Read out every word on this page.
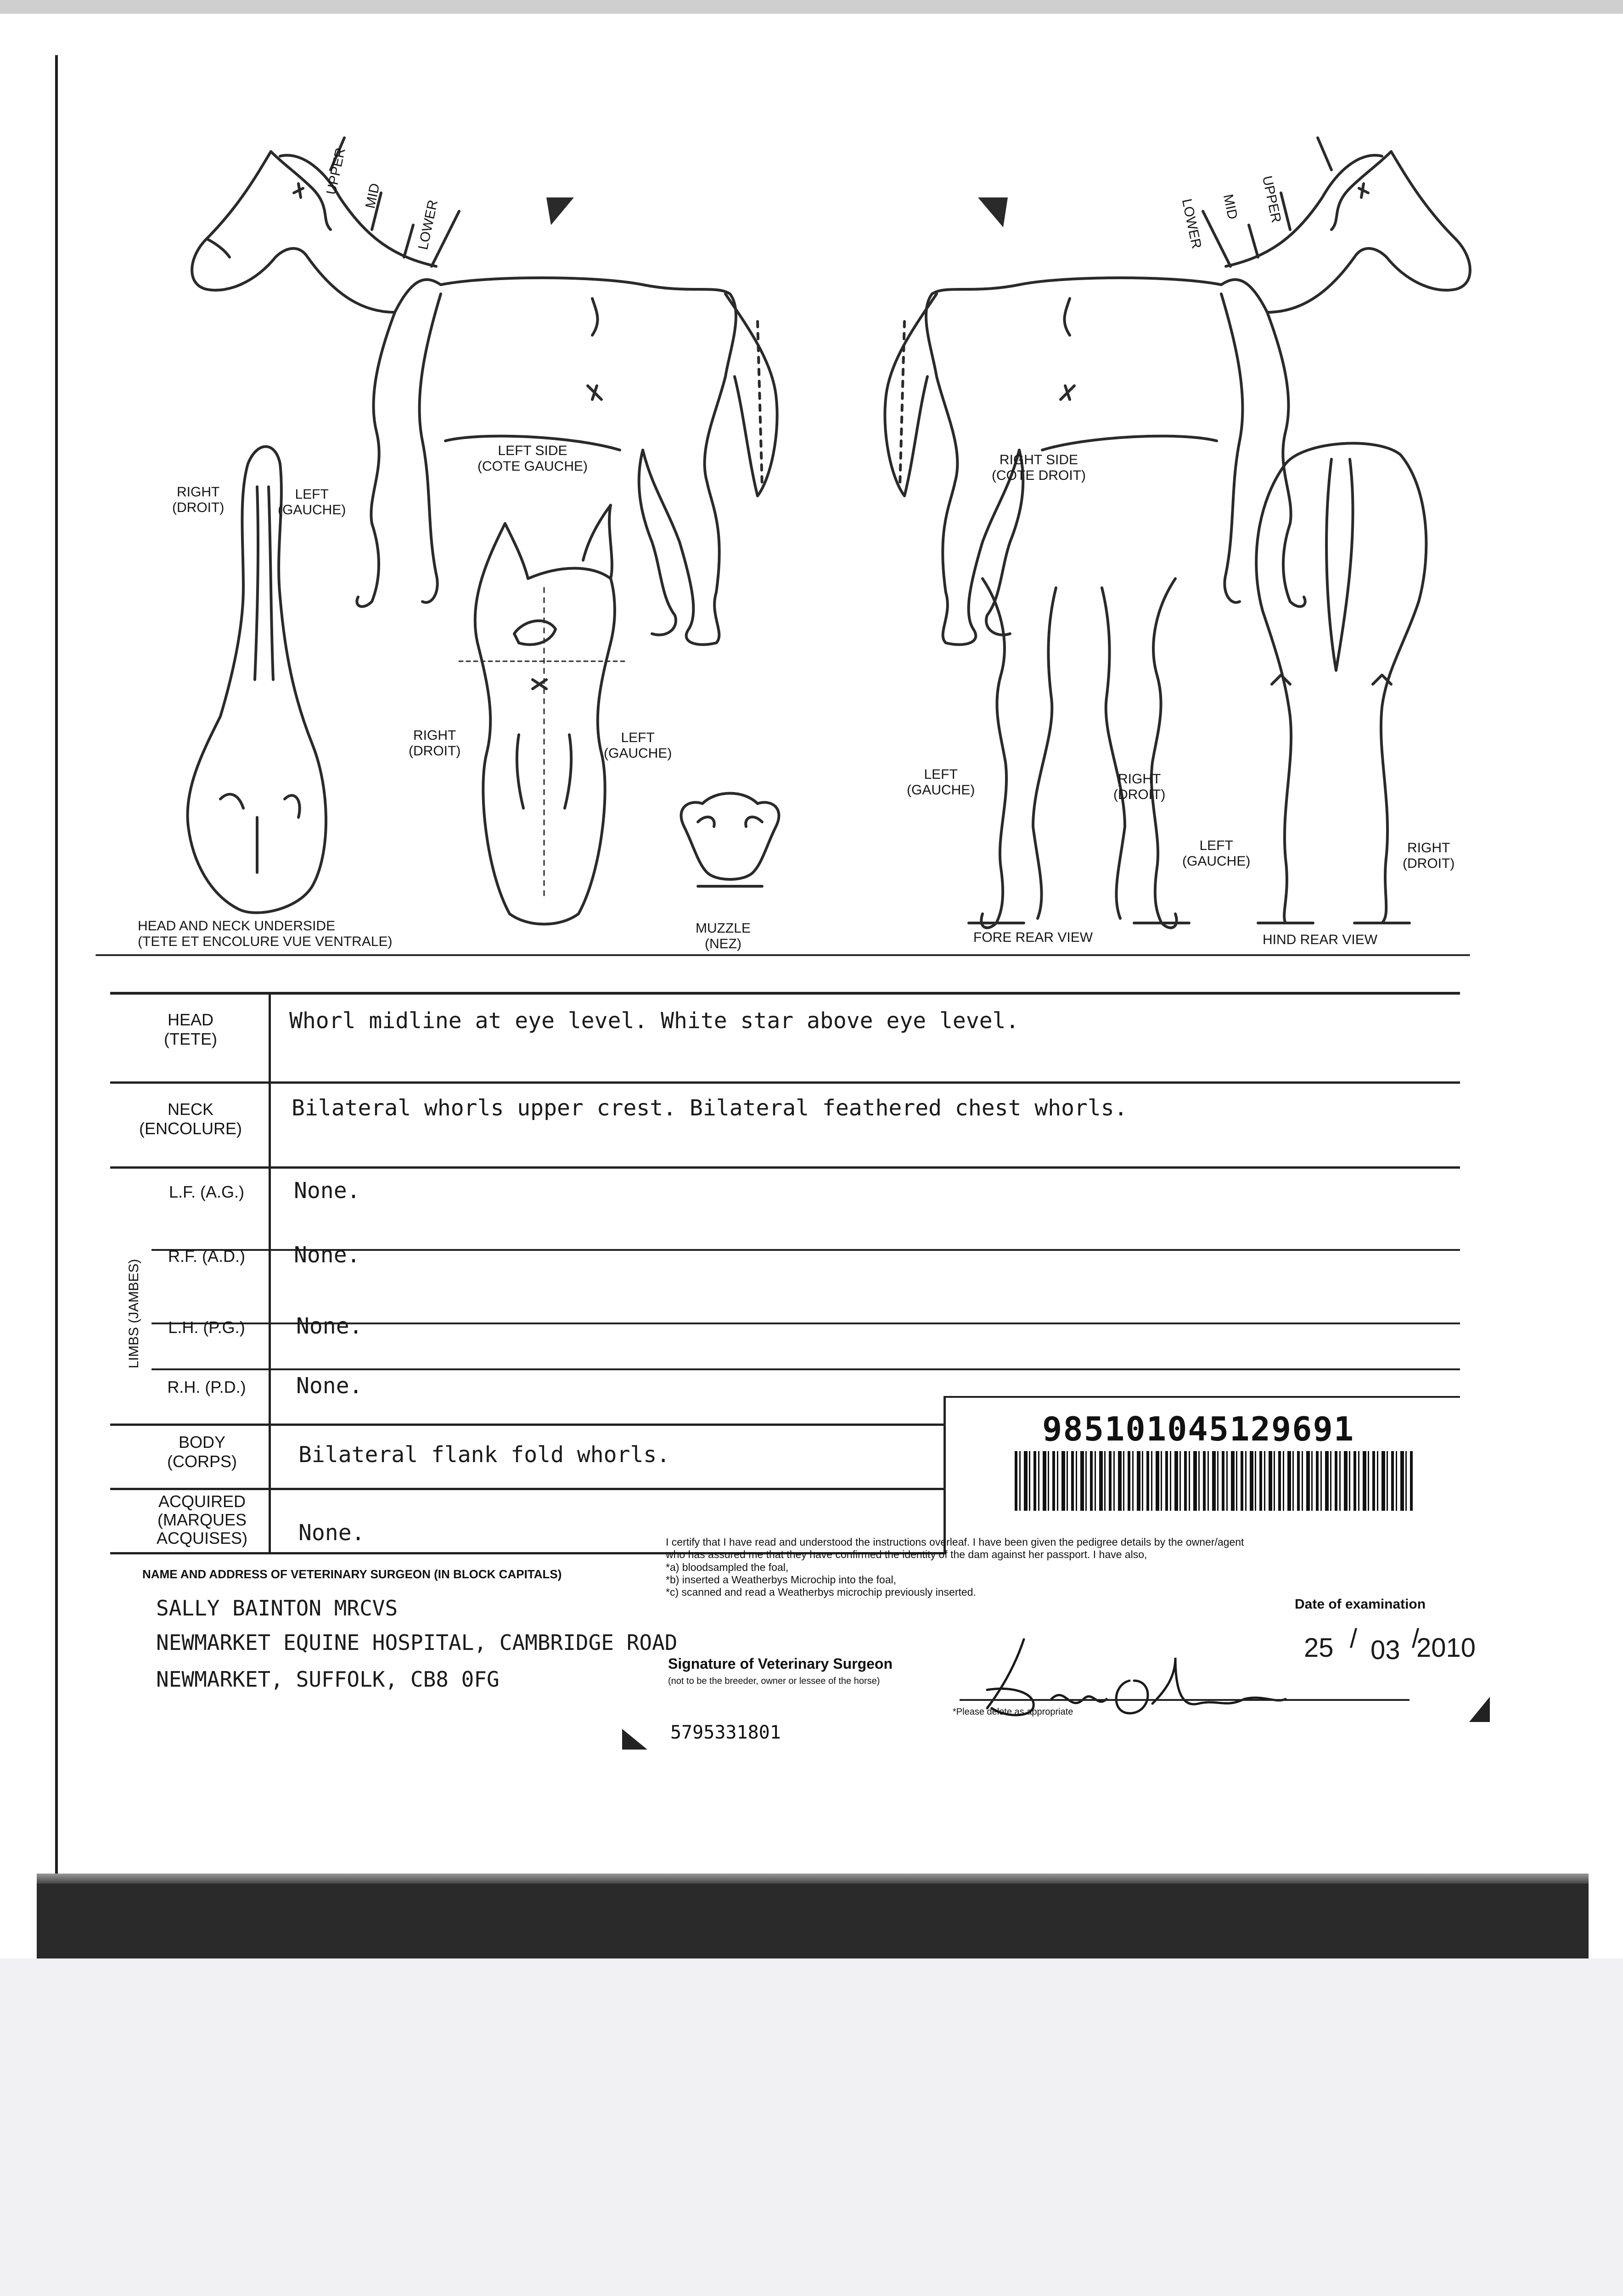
UPPER MID
LOWER	UPPER
MID
LOWER
LEFT SIDE
(COTE GAUCHE)	RIGHT SIDE
(COTE DROIT)
RIGHT
(DROIT)
LEFT
(GAUCHE)
RIGHT
(DROIT)
LEFT
(GAUCHE)
LEFT
(GAUCHE)
RIGHT
(DROIT)
LEFT
(GAUCHE)
RIGHT
(DROIT)
HEAD AND NECK UNDERSIDE
(TETE ET ENCOLURE VUE VENTRALE)
MUZZLE
(NEZ)	FORE REAR VIEW	HIND REAR VIEW
HEAD
(TETE)
Whorl midline at eye level. White star above eye level.
NECK
(ENCOLURE)
Bilateral whorls upper crest. Bilateral feathered chest whorls.
LIMBS (JAMBES)
L.F. (A.G.)	None.
R.F. (A.D.)	None.
L.H. (P.G.)	None.
R.H. (P.D.)	None.
BODY
(CORPS)	Bilateral flank fold whorls.
ACQUIRED
(MARQUES
ACQUISES)	None.
985101045129691
NAME AND ADDRESS OF VETERINARY SURGEON (IN BLOCK CAPITALS)
SALLY BAINTON MRCVS
NEWMARKET EQUINE HOSPITAL, CAMBRIDGE ROAD
NEWMARKET, SUFFOLK, CB8 0FG
I certify that I have read and understood the instructions overleaf. I have been given the pedigree details by the owner/agent
who has assured me that they have confirmed the identity of the dam against her passport. I have also,
*a) bloodsampled the foal,
*b) inserted a Weatherbys Microchip into the foal,
*c) scanned and read a Weatherbys microchip previously inserted.
Signature of Veterinary Surgeon
(not to be the breeder, owner or lessee of the horse)
*Please delete as appropriate
Date of examination
25 / 03 /
2010
5795331801
